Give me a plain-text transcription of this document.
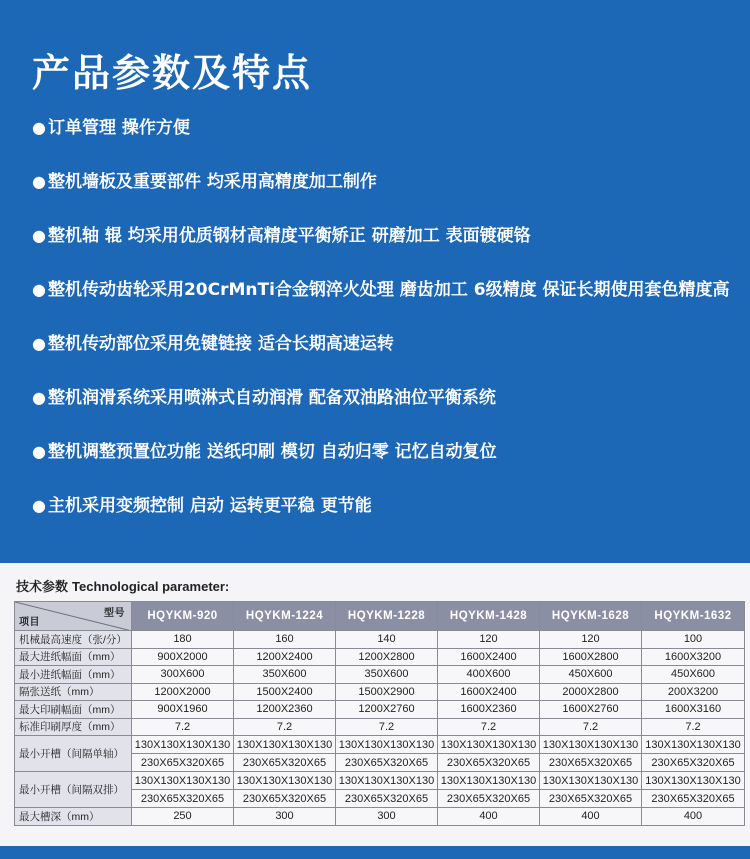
产品参数及特点
● 订单管理 操作方便
● 整机墙板及重要部件 均采用高精度加工制作
● 整机轴 辊 均采用优质钢材高精度平衡矫正 研磨加工 表面镀硬铬
● 整机传动齿轮采用20CrMnTi合金钢淬火处理 磨齿加工 6级精度 保证长期使用套色精度高
● 整机传动部位采用免键链接 适合长期高速运转
● 整机润滑系统采用喷淋式自动润滑 配备双油路油位平衡系统
● 整机调整预置位功能 送纸印刷 模切 自动归零 记忆自动复位
● 主机采用变频控制 启动 运转更平稳 更节能
技术参数 Technological parameter:
型号
项目	HQYKM-920	HQYKM-1224	HQYKM-1228	HQYKM-1428	HQYKM-1628	HQYKM-1632
机械最高速度（张/分）	180	160	140	120	120	100
最大进纸幅面（mm）	900X2000	1200X2400	1200X2800	1600X2400	1600X2800	1600X3200
最小进纸幅面（mm）	300X600	350X600	350X600	400X600	450X600	450X600
隔张送纸（mm）	1200X2000	1500X2400	1500X2900	1600X2400	2000X2800	200X3200
最大印刷幅面（mm）	900X1960	1200X2360	1200X2760	1600X2360	1600X2760	1600X3160
标准印刷厚度（mm）	7.2	7.2	7.2	7.2	7.2	7.2
最小开槽（间隔单轴）	130X130X130X130	130X130X130X130	130X130X130X130	130X130X130X130	130X130X130X130	130X130X130X130
	230X65X320X65	230X65X320X65	230X65X320X65	230X65X320X65	230X65X320X65	230X65X320X65
最小开槽（间隔双排）	130X130X130X130	130X130X130X130	130X130X130X130	130X130X130X130	130X130X130X130	130X130X130X130
	230X65X320X65	230X65X320X65	230X65X320X65	230X65X320X65	230X65X320X65	230X65X320X65
最大槽深（mm）	250	300	300	400	400	400
